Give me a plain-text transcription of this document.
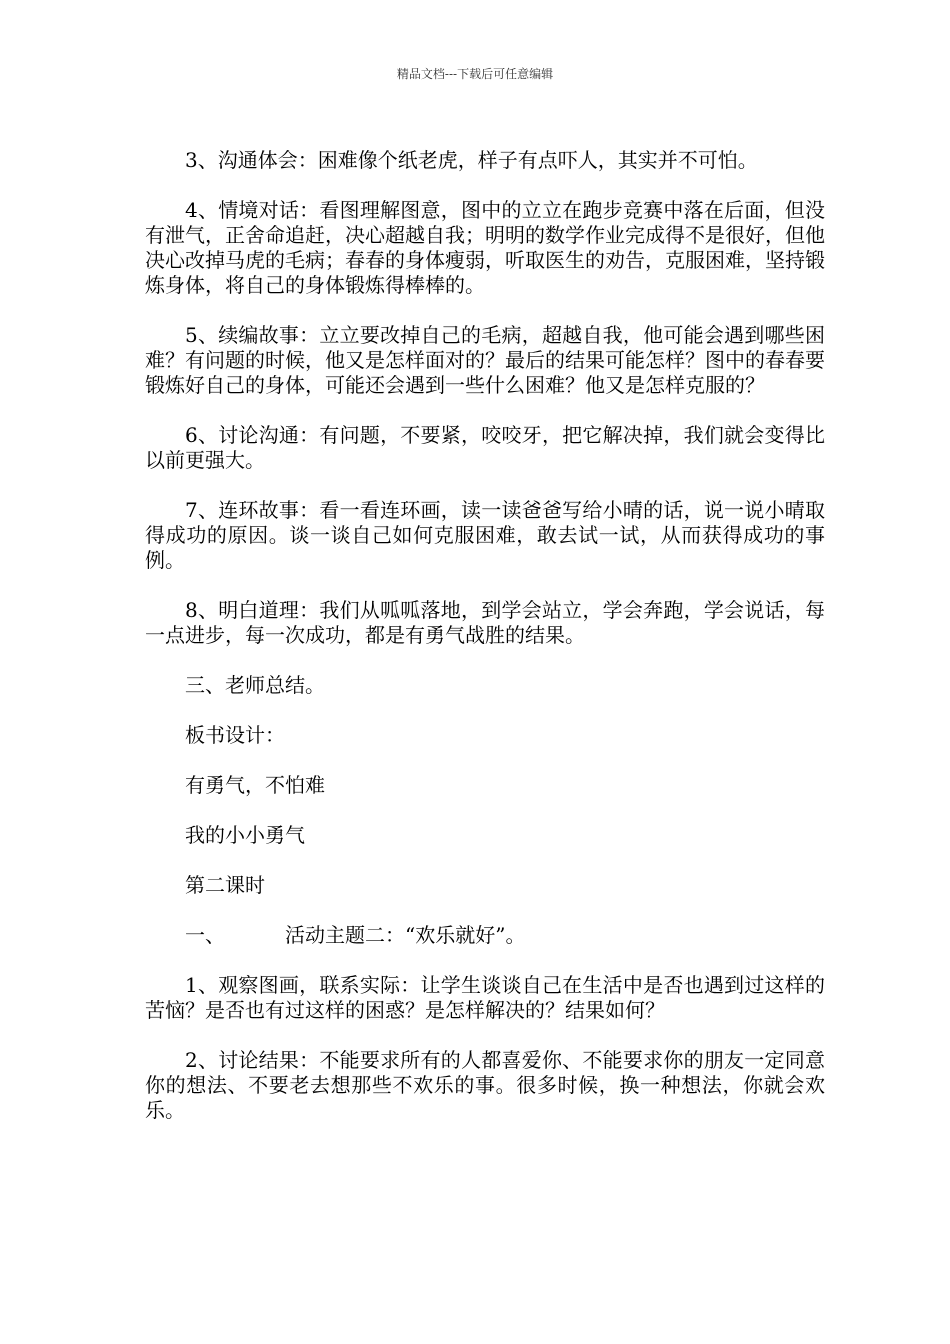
精品文档---下载后可任意编辑

3、沟通体会：困难像个纸老虎，样子有点吓人，其实并不可怕。

4、情境对话：看图理解图意，图中的立立在跑步竞赛中落在后面，但没有泄气，正舍命追赶，决心超越自我；明明的数学作业完成得不是很好，但他决心改掉马虎的毛病；春春的身体瘦弱，听取医生的劝告，克服困难，坚持锻炼身体，将自己的身体锻炼得棒棒的。

5、续编故事：立立要改掉自己的毛病，超越自我，他可能会遇到哪些困难？有问题的时候，他又是怎样面对的？最后的结果可能怎样？图中的春春要锻炼好自己的身体，可能还会遇到一些什么困难？他又是怎样克服的？

6、讨论沟通：有问题，不要紧，咬咬牙，把它解决掉，我们就会变得比以前更强大。

7、连环故事：看一看连环画，读一读爸爸写给小晴的话，说一说小晴取得成功的原因。谈一谈自己如何克服困难，敢去试一试，从而获得成功的事例。

8、明白道理：我们从呱呱落地，到学会站立，学会奔跑，学会说话，每一点进步，每一次成功，都是有勇气战胜的结果。

三、老师总结。

板书设计：

有勇气，不怕难

我的小小勇气

第二课时

一、	活动主题二：“欢乐就好”。

1、观察图画，联系实际：让学生谈谈自己在生活中是否也遇到过这样的苦恼？是否也有过这样的困惑？是怎样解决的？结果如何？

2、讨论结果：不能要求所有的人都喜爱你、不能要求你的朋友一定同意你的想法、不要老去想那些不欢乐的事。很多时候，换一种想法，你就会欢乐。
